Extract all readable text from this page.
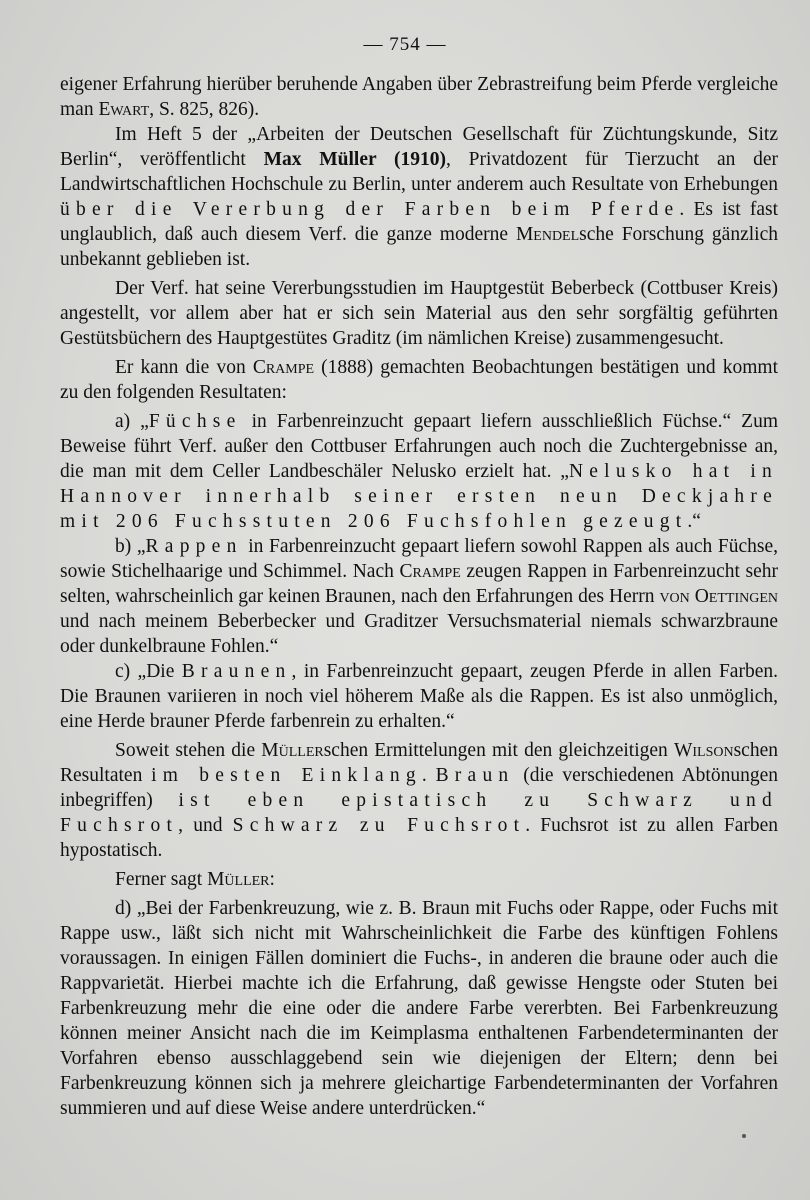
— 754 —

eigener Erfahrung hierüber beruhende Angaben über Zebrastreifung beim Pferde vergleiche man Ewart, S. 825, 826).

Im Heft 5 der „Arbeiten der Deutschen Gesellschaft für Züchtungskunde, Sitz Berlin“, veröffentlicht Max Müller (1910), Privatdozent für Tierzucht an der Landwirtschaftlichen Hochschule zu Berlin, unter anderem auch Resultate von Erhebungen über die Vererbung der Farben beim Pferde. Es ist fast unglaublich, daß auch diesem Verf. die ganze moderne Mendelsche Forschung gänzlich unbekannt geblieben ist.

Der Verf. hat seine Vererbungsstudien im Hauptgestüt Beberbeck (Cottbuser Kreis) angestellt, vor allem aber hat er sich sein Material aus den sehr sorgfältig geführten Gestütsbüchern des Hauptgestütes Graditz (im nämlichen Kreise) zusammengesucht.

Er kann die von Crampe (1888) gemachten Beobachtungen bestätigen und kommt zu den folgenden Resultaten:

a) „Füchse in Farbenreinzucht gepaart liefern ausschließlich Füchse.“ Zum Beweise führt Verf. außer den Cottbuser Erfahrungen auch noch die Zuchtergebnisse an, die man mit dem Celler Landbeschäler Nelusko erzielt hat. „Nelusko hat in Hannover innerhalb seiner ersten neun Deckjahre mit 206 Fuchsstuten 206 Fuchsfohlen gezeugt.“

b) „Rappen in Farbenreinzucht gepaart liefern sowohl Rappen als auch Füchse, sowie Stichelhaarige und Schimmel. Nach Crampe zeugen Rappen in Farbenreinzucht sehr selten, wahrscheinlich gar keinen Braunen, nach den Erfahrungen des Herrn von Oettingen und nach meinem Beberbecker und Graditzer Versuchsmaterial niemals schwarzbraune oder dunkelbraune Fohlen.“

c) „Die Braunen, in Farbenreinzucht gepaart, zeugen Pferde in allen Farben. Die Braunen variieren in noch viel höherem Maße als die Rappen. Es ist also unmöglich, eine Herde brauner Pferde farbenrein zu erhalten.“

Soweit stehen die Müllerschen Ermittelungen mit den gleichzeitigen Wilsonschen Resultaten im besten Einklang. Braun (die verschiedenen Abtönungen inbegriffen) ist eben epistatisch zu Schwarz und Fuchsrot, und Schwarz zu Fuchsrot. Fuchsrot ist zu allen Farben hypostatisch.

Ferner sagt Müller:

d) „Bei der Farbenkreuzung, wie z. B. Braun mit Fuchs oder Rappe, oder Fuchs mit Rappe usw., läßt sich nicht mit Wahrscheinlichkeit die Farbe des künftigen Fohlens voraussagen. In einigen Fällen dominiert die Fuchs-, in anderen die braune oder auch die Rappvarietät. Hierbei machte ich die Erfahrung, daß gewisse Hengste oder Stuten bei Farbenkreuzung mehr die eine oder die andere Farbe vererbten. Bei Farbenkreuzung können meiner Ansicht nach die im Keimplasma enthaltenen Farbendeterminanten der Vorfahren ebenso ausschlaggebend sein wie diejenigen der Eltern; denn bei Farbenkreuzung können sich ja mehrere gleichartige Farbendeterminanten der Vorfahren summieren und auf diese Weise andere unterdrücken.“
